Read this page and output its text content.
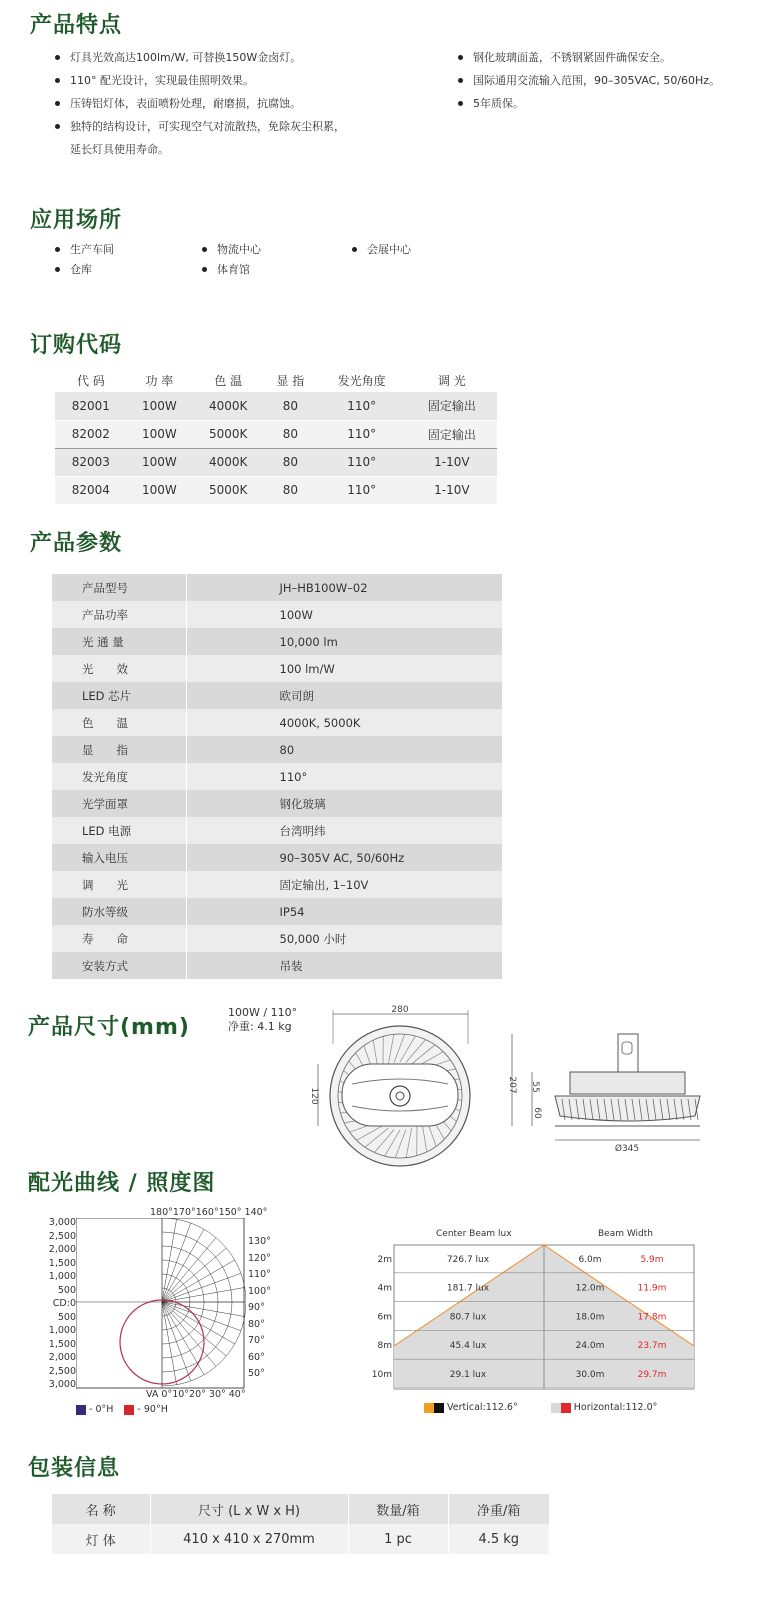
产品特点
灯具光效高达100lm/W, 可替换150W金卤灯。
110° 配光设计，实现最佳照明效果。
压铸铝灯体，表面喷粉处理，耐磨损，抗腐蚀。
独特的结构设计，可实现空气对流散热，免除灰尘积累，
延长灯具使用寿命。
钢化玻璃面盖，不锈钢紧固件确保安全。
国际通用交流输入范围，90–305VAC, 50/60Hz。
5年质保。
应用场所
生产车间	物流中心	会展中心
仓库	体育馆
订购代码
代 码	功 率	色 温	显 指	发光角度	调 光
82001	100W	4000K	80	110°	固定输出
82002	100W	5000K	80	110°	固定输出
82003	100W	4000K	80	110°	1-10V
82004	100W	5000K	80	110°	1-10V
产品参数
产品型号	JH–HB100W–02
产品功率	100W
光 通 量	10,000 lm
光　　效	100 lm/W
LED 芯片	欧司朗
色　　温	4000K, 5000K
显　　指	80
发光角度	110°
光学面罩	钢化玻璃
LED 电源	台湾明纬
输入电压	90–305V AC, 50/60Hz
调　　光	固定输出, 1–10V
防水等级	IP54
寿　　命	50,000 小时
安装方式	吊装
产品尺寸(mm)
100W / 110°
净重: 4.1 kg
280
120
Ø345
207 55
60
配光曲线 / 照度图
180°170°160°150° 140°
3,000
2,500
2,000
1,500
1,000
500
CD:0
500
1,000
1,500
2,000
2,500
3,000
130°
120°
110°
100°
90°
80°
70°
60°
50°
VA 0°10°20° 30° 40°
- 0°H	- 90°H
Center Beam lux	Beam Width
2m	726.7 lux	6.0m	5.9m
4m	181.7 lux	12.0m	11.9m
6m	80.7 lux	18.0m	17.8m
8m	45.4 lux	24.0m	23.7m
10m	29.1 lux	30.0m	29.7m
Vertical:112.6°	Horizontal:112.0°
包装信息
名 称	尺寸 (L x W x H)	数量/箱	净重/箱
灯 体	410 x 410 x 270mm	1 pc	4.5 kg
